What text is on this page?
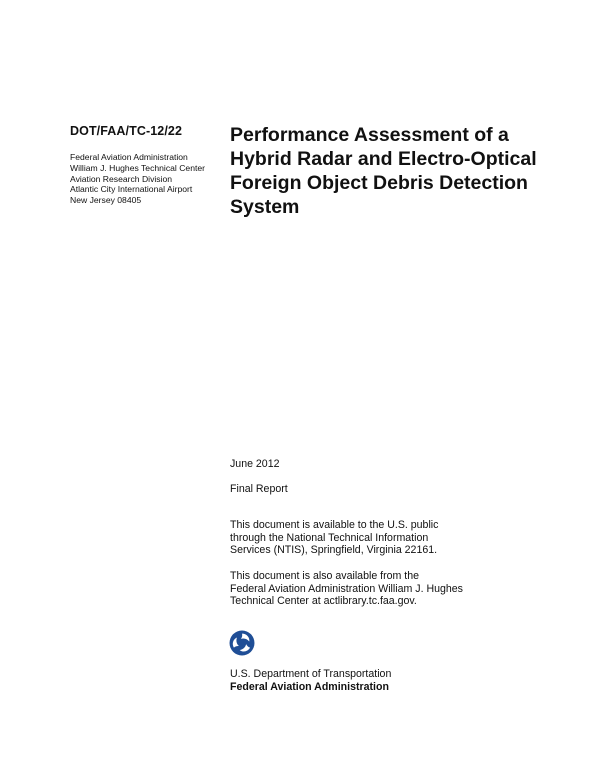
DOT/FAA/TC-12/22
Federal Aviation Administration
William J. Hughes Technical Center
Aviation Research Division
Atlantic City International Airport
New Jersey 08405
Performance Assessment of a
Hybrid Radar and Electro-Optical
Foreign Object Debris Detection
System
June 2012
Final Report
This document is available to the U.S. public
through the National Technical Information
Services (NTIS), Springfield, Virginia 22161.
This document is also available from the
Federal Aviation Administration William J. Hughes
Technical Center at actlibrary.tc.faa.gov.
U.S. Department of Transportation
Federal Aviation Administration
